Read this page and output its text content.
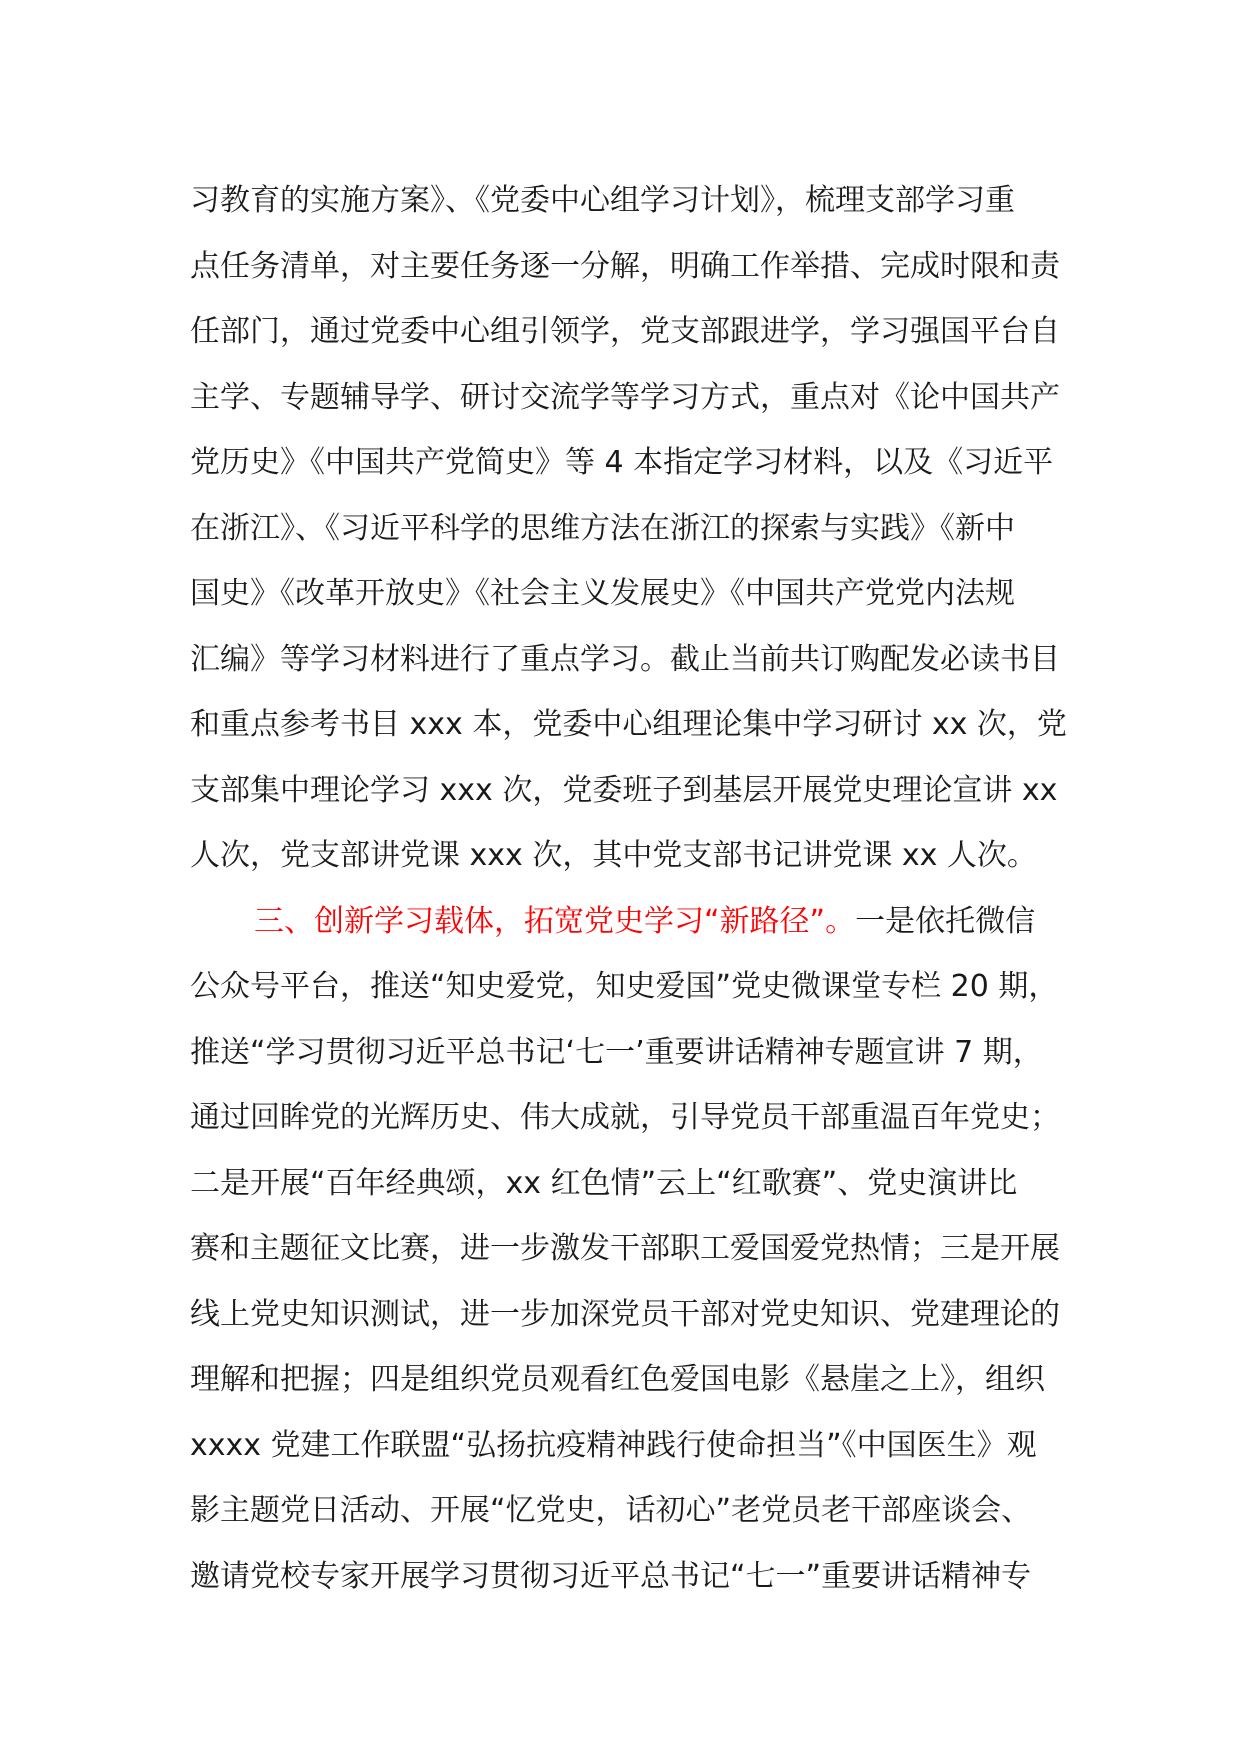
习教育的实施方案》、《党委中心组学习计划》，梳理支部学习重
点任务清单，对主要任务逐一分解，明确工作举措、完成时限和责
任部门，通过党委中心组引领学，党支部跟进学，学习强国平台自
主学、专题辅导学、研讨交流学等学习方式，重点对《论中国共产
党历史》《中国共产党简史》等 4 本指定学习材料，以及《习近平
在浙江》、《习近平科学的思维方法在浙江的探索与实践》《新中
国史》《改革开放史》《社会主义发展史》《中国共产党党内法规
汇编》等学习材料进行了重点学习。截止当前共订购配发必读书目
和重点参考书目 xxx 本，党委中心组理论集中学习研讨 xx 次，党
支部集中理论学习 xxx 次，党委班子到基层开展党史理论宣讲 xx
人次，党支部讲党课 xxx 次，其中党支部书记讲党课 xx 人次。
三、创新学习载体，拓宽党史学习“新路径”。一是依托微信
公众号平台，推送“知史爱党，知史爱国”党史微课堂专栏 20 期，
推送“学习贯彻习近平总书记‘七一’重要讲话精神专题宣讲 7 期，
通过回眸党的光辉历史、伟大成就，引导党员干部重温百年党史；
二是开展“百年经典颂，xx 红色情”云上“红歌赛”、党史演讲比
赛和主题征文比赛，进一步激发干部职工爱国爱党热情；三是开展
线上党史知识测试，进一步加深党员干部对党史知识、党建理论的
理解和把握；四是组织党员观看红色爱国电影《悬崖之上》，组织
xxxx 党建工作联盟“弘扬抗疫精神践行使命担当”《中国医生》观
影主题党日活动、开展“忆党史，话初心”老党员老干部座谈会、
邀请党校专家开展学习贯彻习近平总书记“七一”重要讲话精神专
